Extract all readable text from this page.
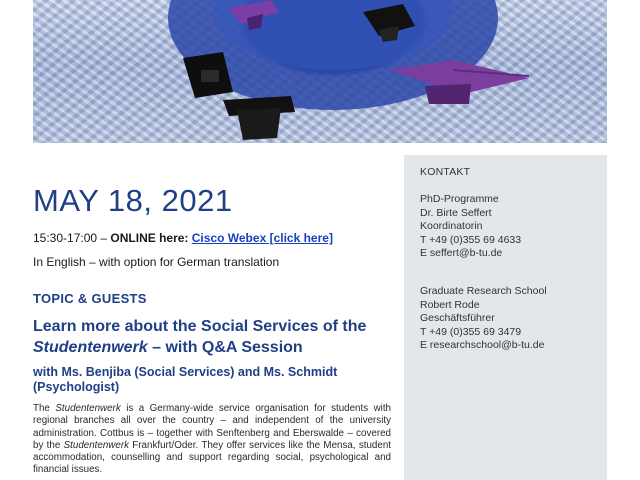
KONTAKT
PhD-Programme
Dr. Birte Seffert
Koordinatorin
T +49 (0)355 69 4633
E seffert@b-tu.de
Graduate Research School
Robert Rode
Geschäftsführer
T +49 (0)355 69 3479
E researchschool@b-tu.de
MAY 18, 2021
15:30-17:00 – ONLINE here: Cisco Webex [click here]
In English – with option for German translation
TOPIC & GUESTS
Learn more about the Social Services of the Studentenwerk – with Q&A Session
with Ms. Benjiba (Social Services) and Ms. Schmidt (Psychologist)
The Studentenwerk is a Germany-wide service organisation for students with regional branches all over the country – and independent of the university administration. Cottbus is – together with Senftenberg and Eberswalde – covered by the Studentenwerk Frankfurt/Oder. They offer services like the Mensa, student accommodation, counselling and support regarding social, psychological and financial issues.
